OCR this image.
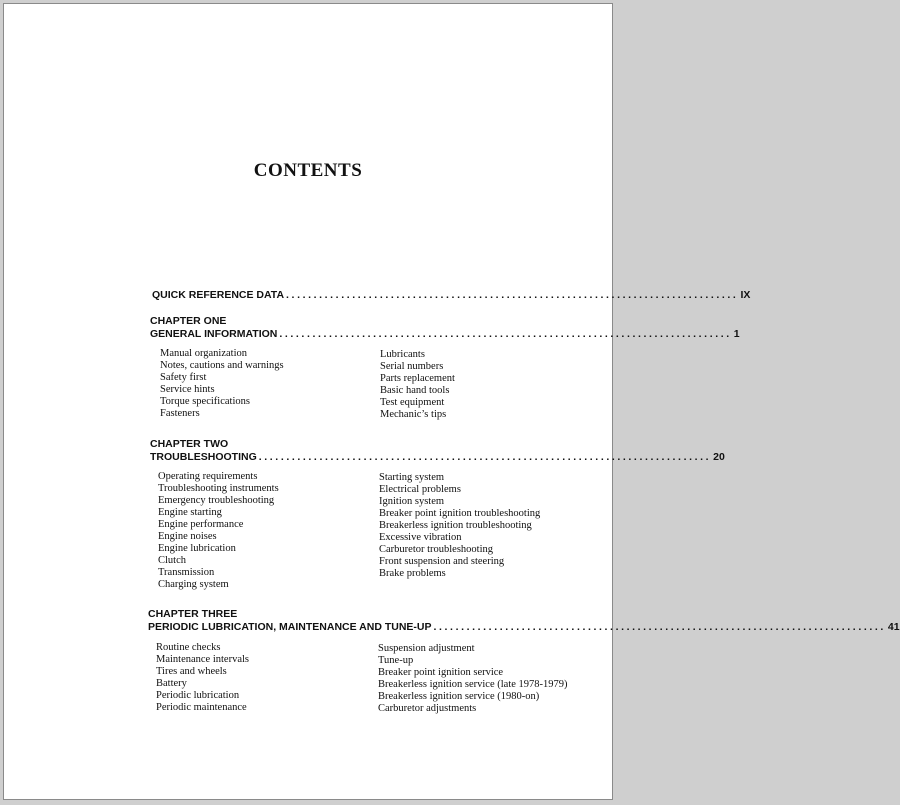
CONTENTS
QUICK REFERENCE DATA .................................................................................. IX
CHAPTER ONE
GENERAL INFORMATION .................................................................................. 1
Manual organization
Notes, cautions and warnings
Safety first
Service hints
Torque specifications
Fasteners
Lubricants
Serial numbers
Parts replacement
Basic hand tools
Test equipment
Mechanic’s tips
CHAPTER TWO
TROUBLESHOOTING .................................................................................. 20
Operating requirements
Troubleshooting instruments
Emergency troubleshooting
Engine starting
Engine performance
Engine noises
Engine lubrication
Clutch
Transmission
Charging system
Starting system
Electrical problems
Ignition system
Breaker point ignition troubleshooting
Breakerless ignition troubleshooting
Excessive vibration
Carburetor troubleshooting
Front suspension and steering
Brake problems
CHAPTER THREE
PERIODIC LUBRICATION, MAINTENANCE AND TUNE-UP .................................................................................. 41
Routine checks
Maintenance intervals
Tires and wheels
Battery
Periodic lubrication
Periodic maintenance
Suspension adjustment
Tune-up
Breaker point ignition service
Breakerless ignition service (late 1978-1979)
Breakerless ignition service (1980-on)
Carburetor adjustments
